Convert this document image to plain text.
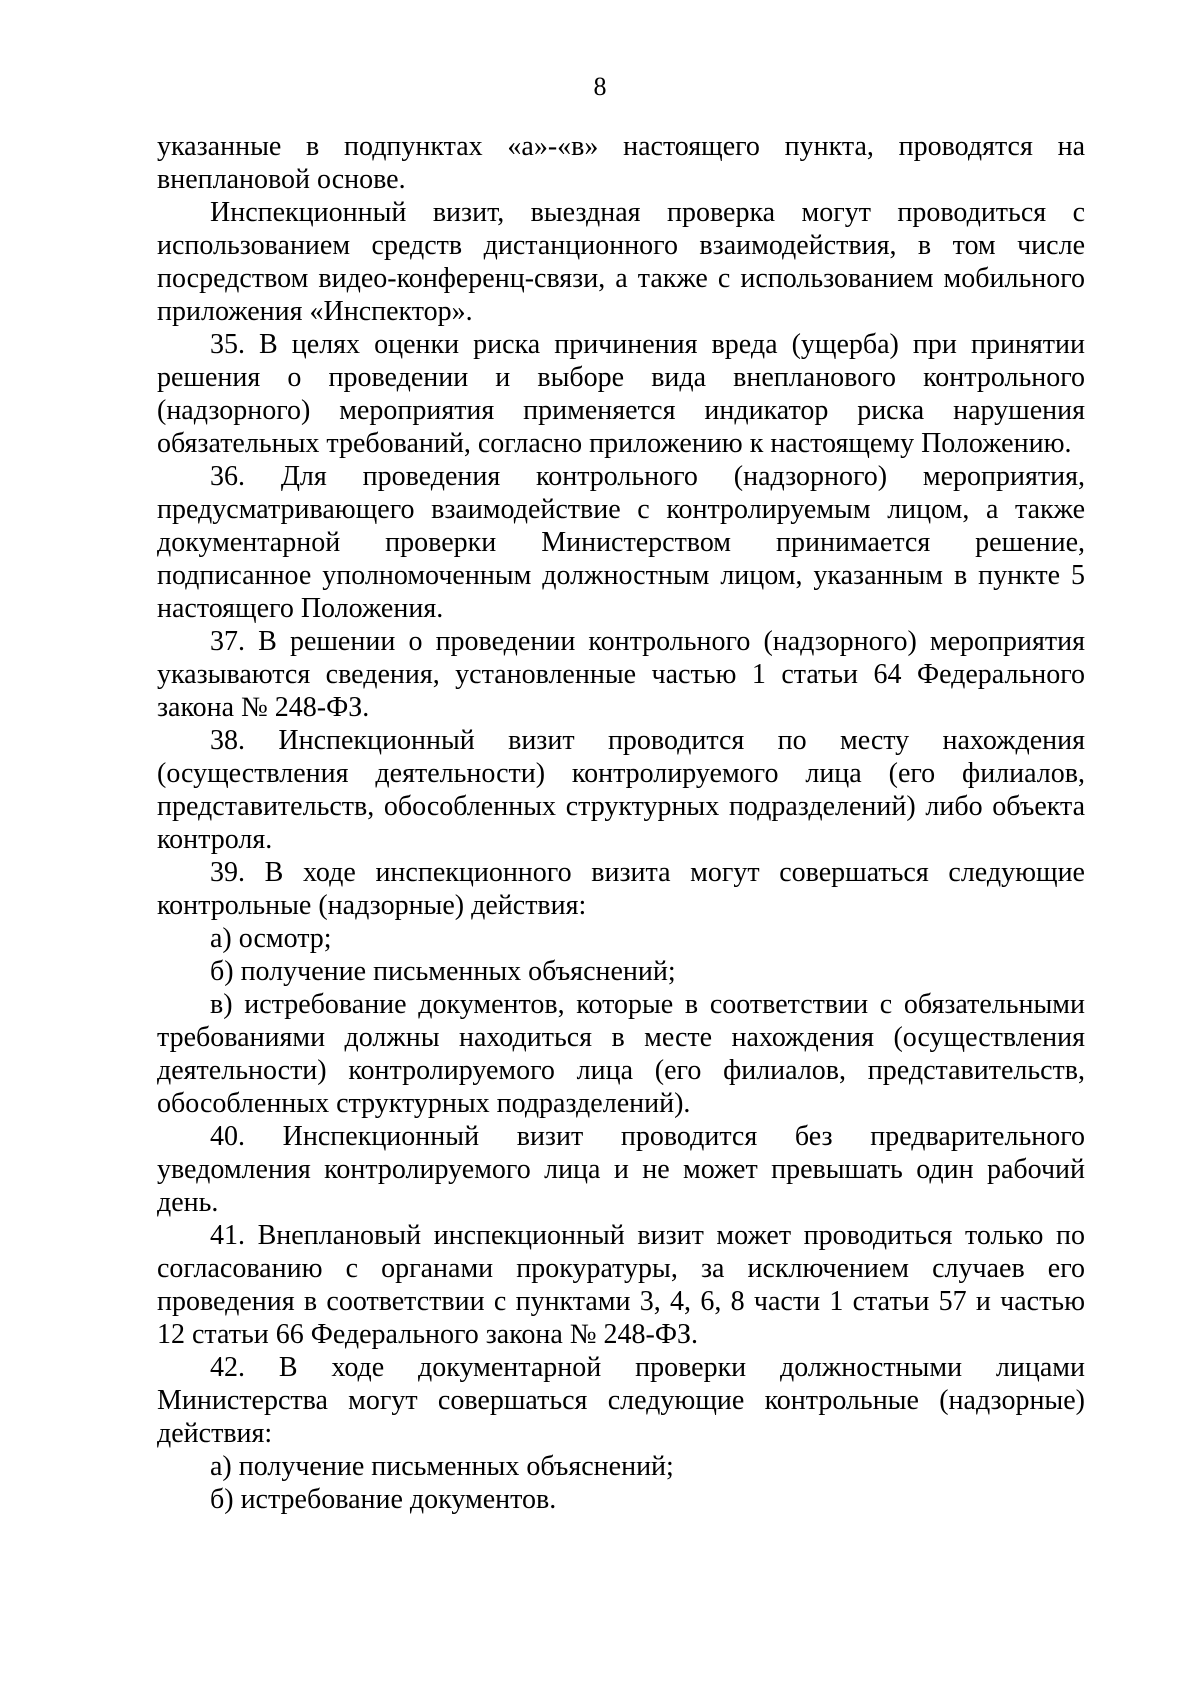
8

указанные в подпунктах «а»-«в» настоящего пункта, проводятся на внеплановой основе.

Инспекционный визит, выездная проверка могут проводиться с использованием средств дистанционного взаимодействия, в том числе посредством видео-конференц-связи, а также с использованием мобильного приложения «Инспектор».

35. В целях оценки риска причинения вреда (ущерба) при принятии решения о проведении и выборе вида внепланового контрольного (надзорного) мероприятия применяется индикатор риска нарушения обязательных требований, согласно приложению к настоящему Положению.

36. Для проведения контрольного (надзорного) мероприятия, предусматривающего взаимодействие с контролируемым лицом, а также документарной проверки Министерством принимается решение, подписанное уполномоченным должностным лицом, указанным в пункте 5 настоящего Положения.

37. В решении о проведении контрольного (надзорного) мероприятия указываются сведения, установленные частью 1 статьи 64 Федерального закона № 248-ФЗ.

38. Инспекционный визит проводится по месту нахождения (осуществления деятельности) контролируемого лица (его филиалов, представительств, обособленных структурных подразделений) либо объекта контроля.

39. В ходе инспекционного визита могут совершаться следующие контрольные (надзорные) действия:

а) осмотр;

б) получение письменных объяснений;

в) истребование документов, которые в соответствии с обязательными требованиями должны находиться в месте нахождения (осуществления деятельности) контролируемого лица (его филиалов, представительств, обособленных структурных подразделений).

40. Инспекционный визит проводится без предварительного уведомления контролируемого лица и не может превышать один рабочий день.

41. Внеплановый инспекционный визит может проводиться только по согласованию с органами прокуратуры, за исключением случаев его проведения в соответствии с пунктами 3, 4, 6, 8 части 1 статьи 57 и частью 12 статьи 66 Федерального закона № 248-ФЗ.

42. В ходе документарной проверки должностными лицами Министерства могут совершаться следующие контрольные (надзорные) действия:

а) получение письменных объяснений;

б) истребование документов.
